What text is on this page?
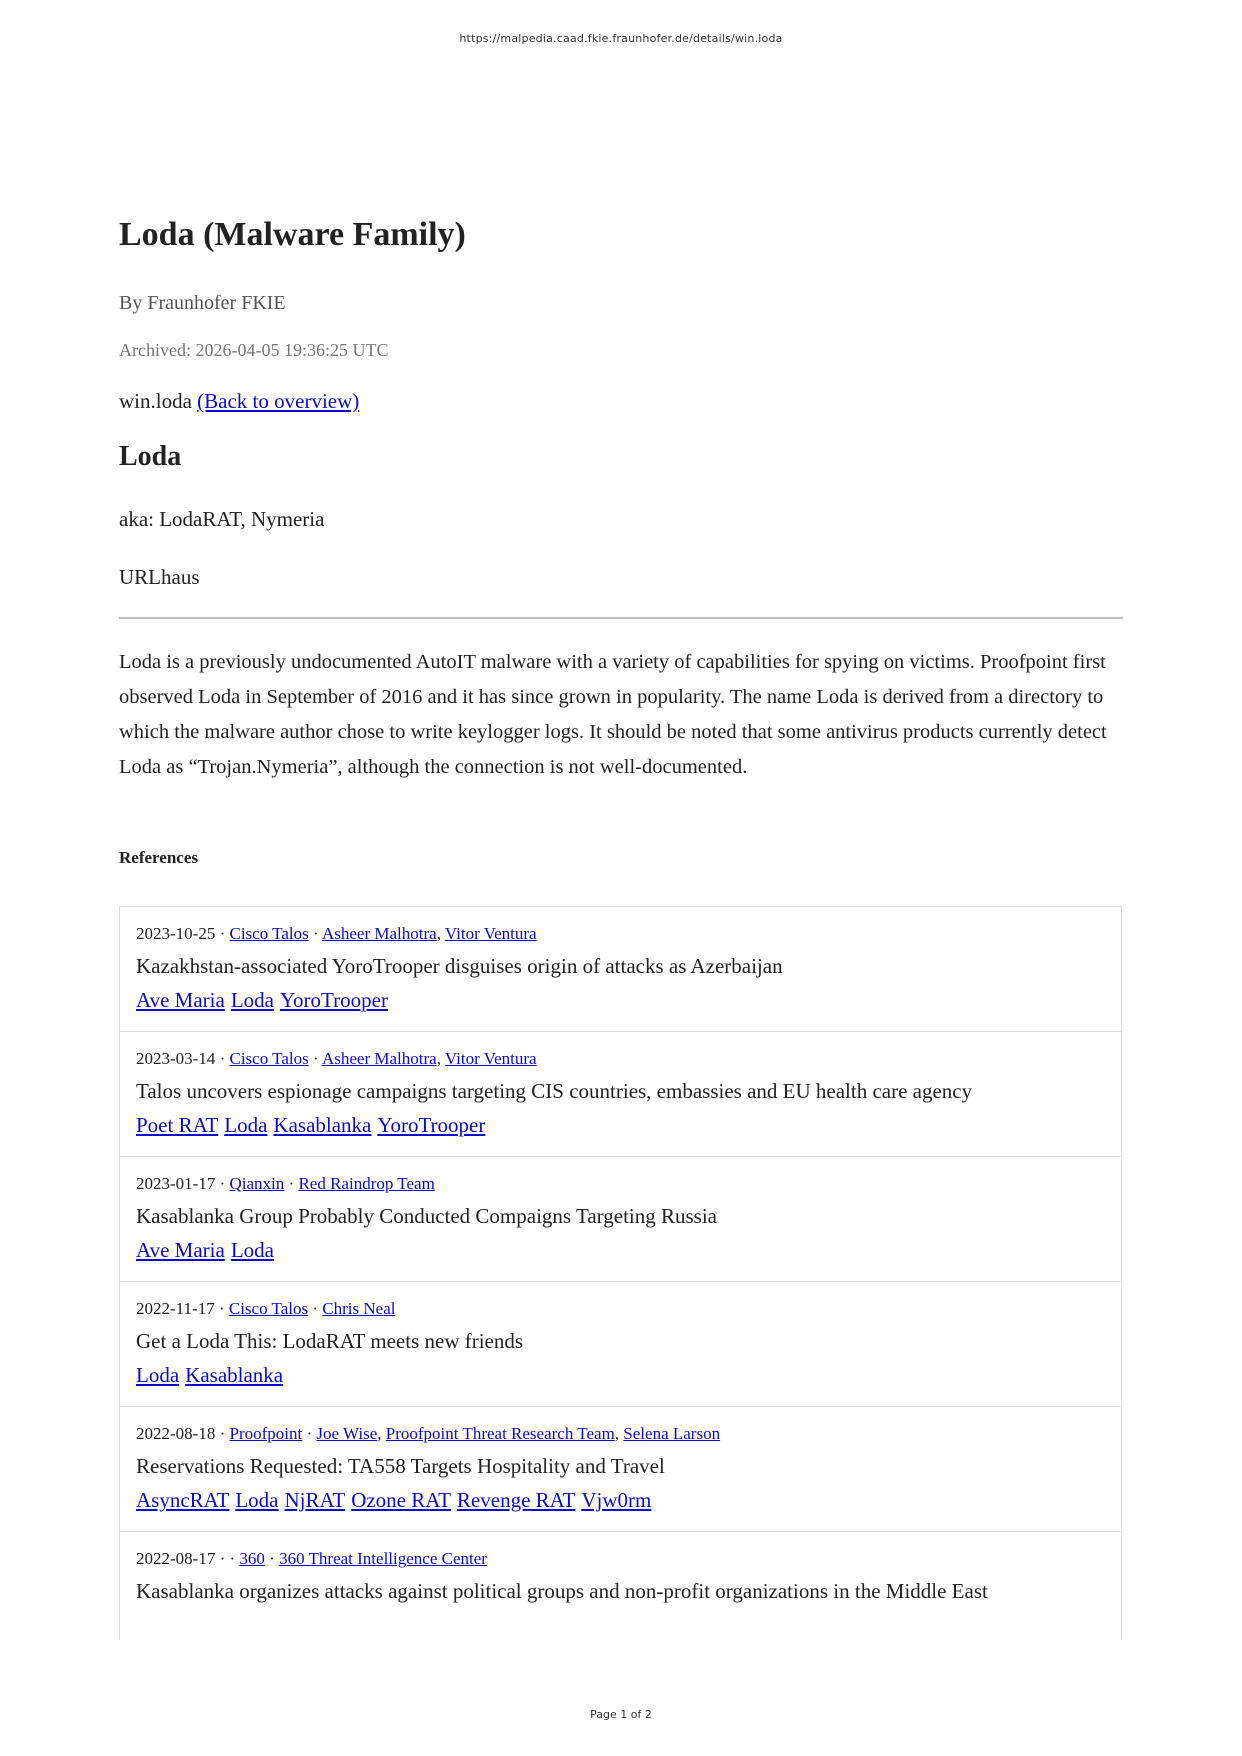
https://malpedia.caad.fkie.fraunhofer.de/details/win.loda
Loda (Malware Family)
By Fraunhofer FKIE
Archived: 2026-04-05 19:36:25 UTC
win.loda (Back to overview)
Loda
aka: LodaRAT, Nymeria
URLhaus
Loda is a previously undocumented AutoIT malware with a variety of capabilities for spying on victims. Proofpoint first observed Loda in September of 2016 and it has since grown in popularity. The name Loda is derived from a directory to which the malware author chose to write keylogger logs. It should be noted that some antivirus products currently detect Loda as “Trojan.Nymeria”, although the connection is not well-documented.
References
2023-10-25 · Cisco Talos · Asheer Malhotra, Vitor Ventura
Kazakhstan-associated YoroTrooper disguises origin of attacks as Azerbaijan
Ave Maria Loda YoroTrooper
2023-03-14 · Cisco Talos · Asheer Malhotra, Vitor Ventura
Talos uncovers espionage campaigns targeting CIS countries, embassies and EU health care agency
Poet RAT Loda Kasablanka YoroTrooper
2023-01-17 · Qianxin · Red Raindrop Team
Kasablanka Group Probably Conducted Compaigns Targeting Russia
Ave Maria Loda
2022-11-17 · Cisco Talos · Chris Neal
Get a Loda This: LodaRAT meets new friends
Loda Kasablanka
2022-08-18 · Proofpoint · Joe Wise, Proofpoint Threat Research Team, Selena Larson
Reservations Requested: TA558 Targets Hospitality and Travel
AsyncRAT Loda NjRAT Ozone RAT Revenge RAT Vjw0rm
2022-08-17 · · 360 · 360 Threat Intelligence Center
Kasablanka organizes attacks against political groups and non-profit organizations in the Middle East
Page 1 of 2
